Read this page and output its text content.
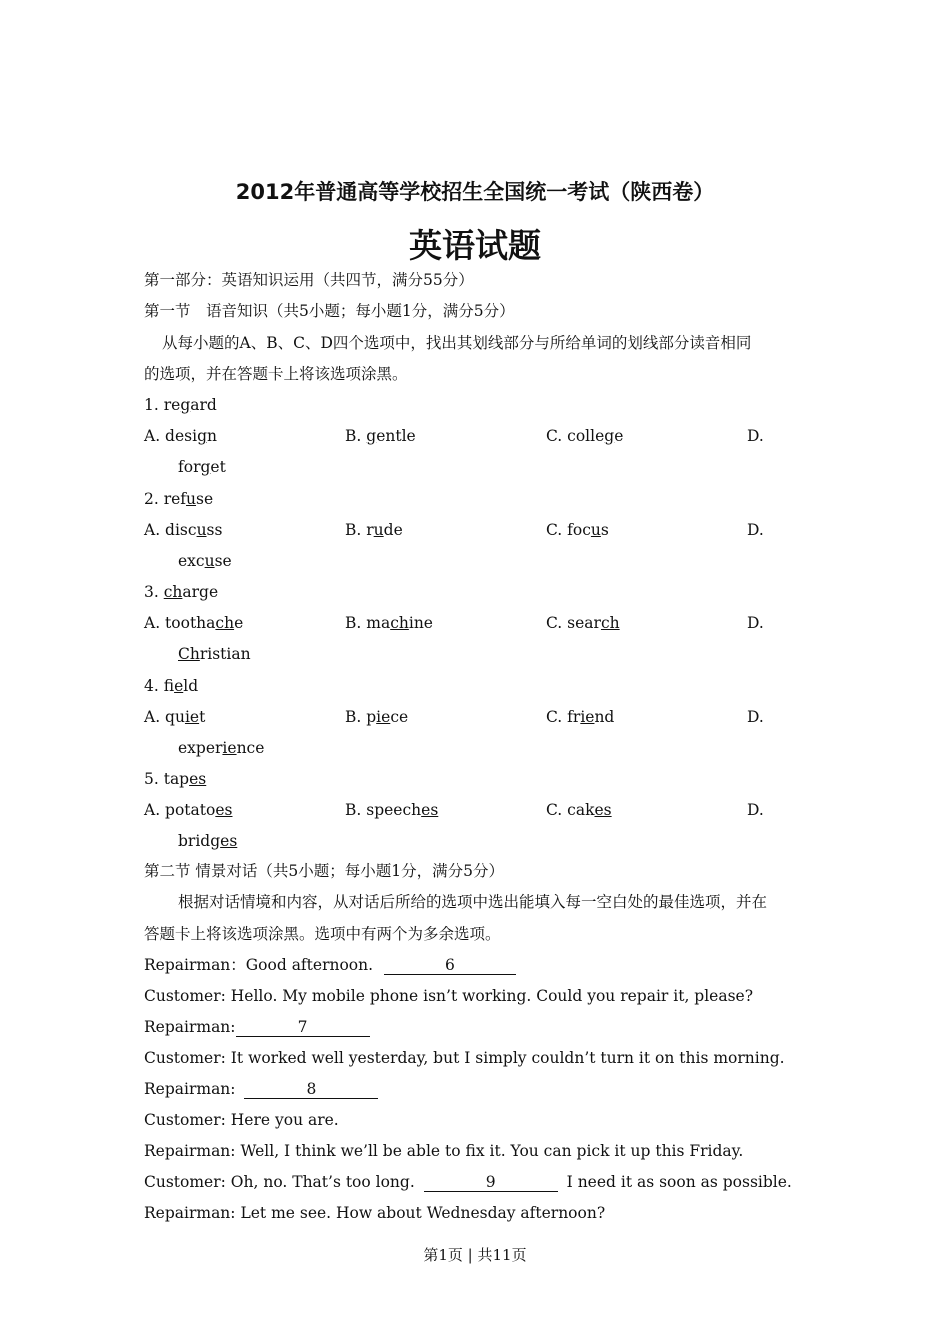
2012年普通高等学校招生全国统一考试（陕西卷）
英语试题
第一部分：英语知识运用（共四节，满分55分）
第一节　语音知识（共5小题；每小题1分，满分5分）
从每小题的A、B、C、D四个选项中，找出其划线部分与所给单词的划线部分读音相同
的选项，并在答题卡上将该选项涂黑。
1. regard
A. design	B. gentle	C. college	D.
forget
2. refuse
A. discuss	B. rude	C. focus	D.
excuse
3. charge
A. toothache	B. machine	C. search	D.
Christian
4. field
A. quiet	B. piece	C. friend	D.
experience
5. tapes
A. potatoes	B. speeches	C. cakes	D.
bridges
第二节 情景对话（共5小题；每小题1分，满分5分）
根据对话情境和内容，从对话后所给的选项中选出能填入每一空白处的最佳选项，并在
答题卡上将该选项涂黑。选项中有两个为多余选项。
Repairman：Good afternoon.	6
Customer: Hello. My mobile phone isn’t working. Could you repair it, please?
Repairman:	7
Customer: It worked well yesterday, but I simply couldn’t turn it on this morning.
Repairman:	8
Customer: Here you are.
Repairman: Well, I think we’ll be able to fix it. You can pick it up this Friday.
Customer: Oh, no. That’s too long.	9	I need it as soon as possible.
Repairman: Let me see. How about Wednesday afternoon?
第1页 | 共11页
